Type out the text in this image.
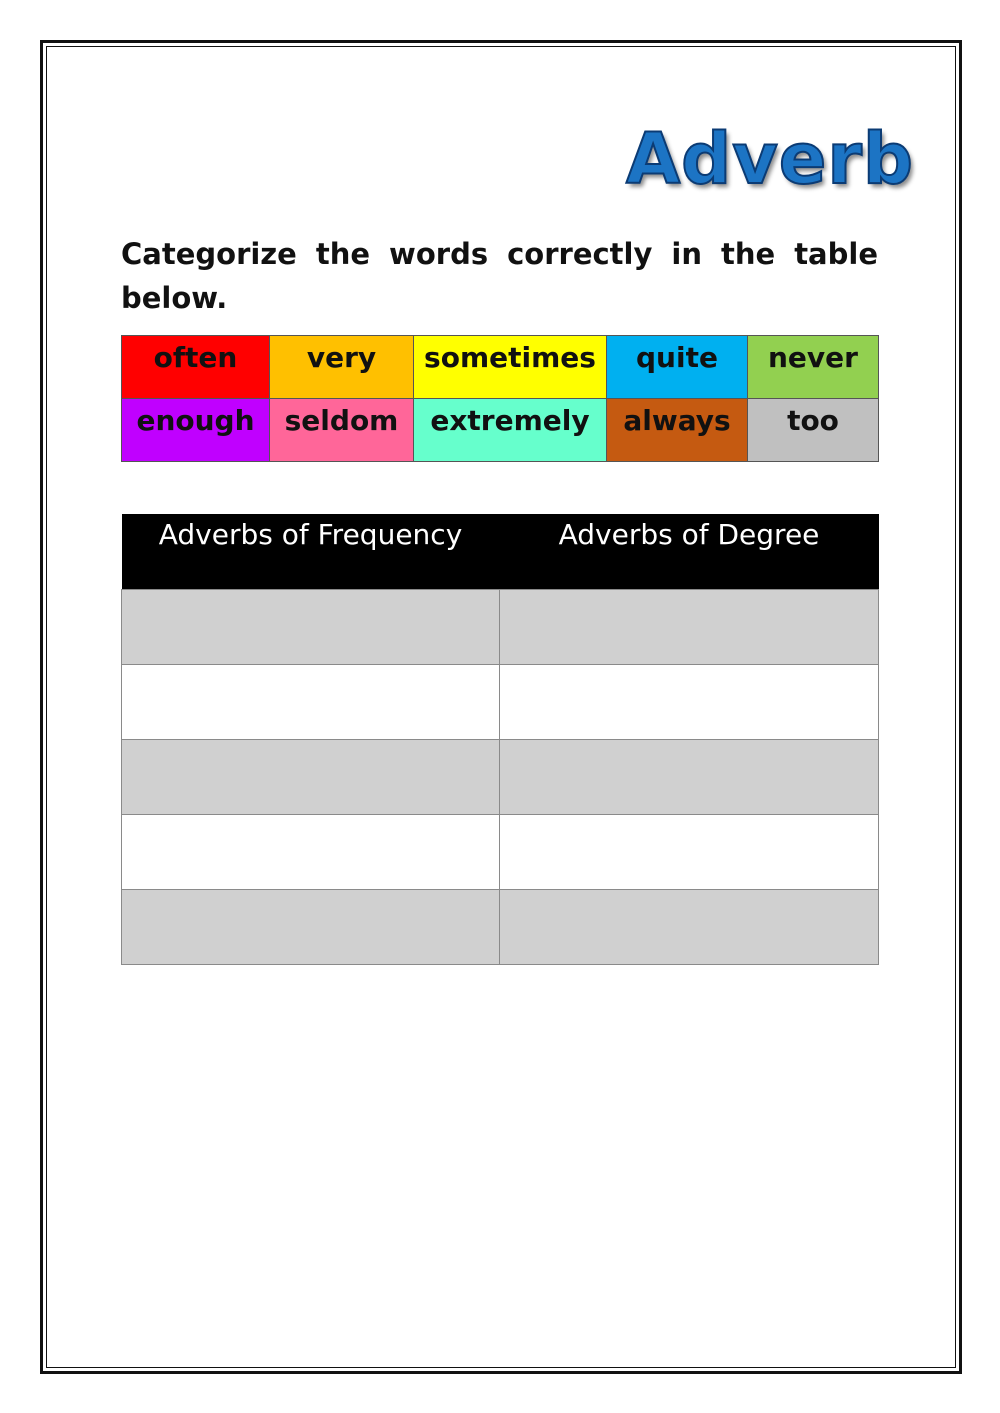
Adverb
Categorize the words correctly in the table below.
often	very	sometimes	quite	never
enough	seldom	extremely	always	too
Adverbs of Frequency	Adverbs of Degree
